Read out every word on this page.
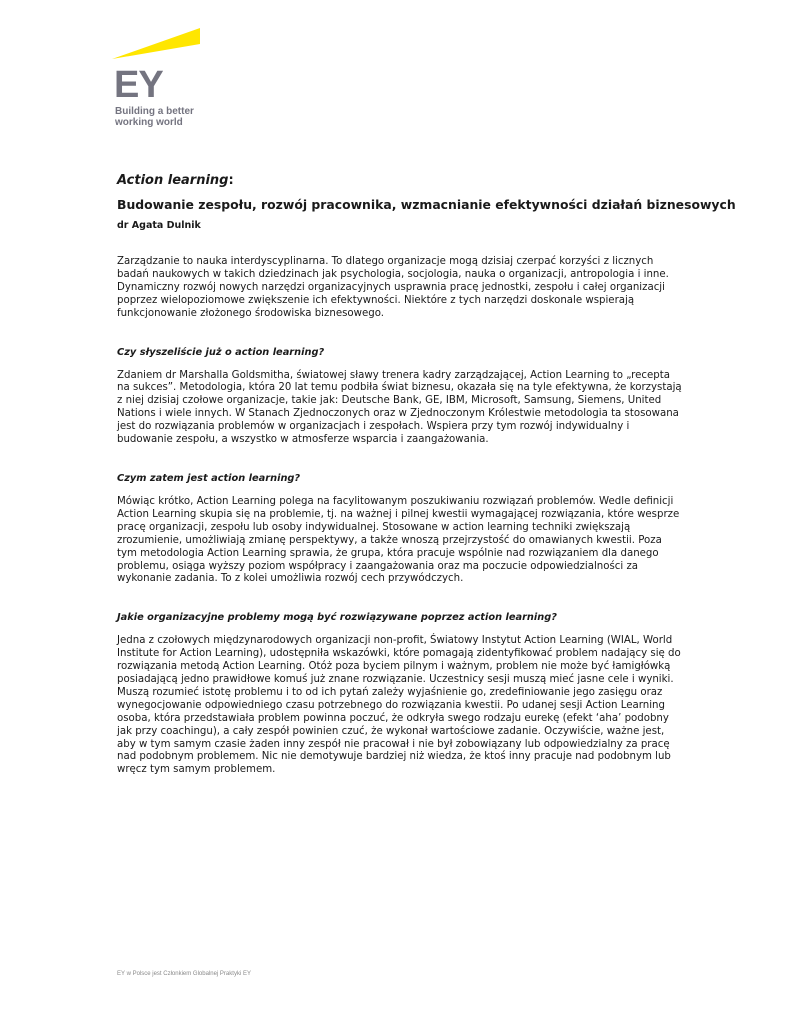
EY
Building a better
working world
Action learning:
Budowanie zespołu, rozwój pracownika, wzmacnianie efektywności działań biznesowych
dr Agata Dulnik

Zarządzanie to nauka interdyscyplinarna. To dlatego organizacje mogą dzisiaj czerpać korzyści z licznych badań naukowych w takich dziedzinach jak psychologia, socjologia, nauka o organizacji, antropologia i inne. Dynamiczny rozwój nowych narzędzi organizacyjnych usprawnia pracę jednostki, zespołu i całej organizacji poprzez wielopoziomowe zwiększenie ich efektywności. Niektóre z tych narzędzi doskonale wspierają funkcjonowanie złożonego środowiska biznesowego.

Czy słyszeliście już o action learning?

Zdaniem dr Marshalla Goldsmitha, światowej sławy trenera kadry zarządzającej, Action Learning to „recepta na sukces”. Metodologia, która 20 lat temu podbiła świat biznesu, okazała się na tyle efektywna, że korzystają z niej dzisiaj czołowe organizacje, takie jak: Deutsche Bank, GE, IBM, Microsoft, Samsung, Siemens, United Nations i wiele innych. W Stanach Zjednoczonych oraz w Zjednoczonym Królestwie metodologia ta stosowana jest do rozwiązania problemów w organizacjach i zespołach. Wspiera przy tym rozwój indywidualny i budowanie zespołu, a wszystko w atmosferze wsparcia i zaangażowania.

Czym zatem jest action learning?

Mówiąc krótko, Action Learning polega na facylitowanym poszukiwaniu rozwiązań problemów. Wedle definicji Action Learning skupia się na problemie, tj. na ważnej i pilnej kwestii wymagającej rozwiązania, które wesprze pracę organizacji, zespołu lub osoby indywidualnej. Stosowane w action learning techniki zwiększają zrozumienie, umożliwiają zmianę perspektywy, a także wnoszą przejrzystość do omawianych kwestii. Poza tym metodologia Action Learning sprawia, że grupa, która pracuje wspólnie nad rozwiązaniem dla danego problemu, osiąga wyższy poziom współpracy i zaangażowania oraz ma poczucie odpowiedzialności za wykonanie zadania. To z kolei umożliwia rozwój cech przywódczych.

Jakie organizacyjne problemy mogą być rozwiązywane poprzez action learning?

Jedna z czołowych międzynarodowych organizacji non-profit, Światowy Instytut Action Learning (WIAL, World Institute for Action Learning), udostępniła wskazówki, które pomagają zidentyfikować problem nadający się do rozwiązania metodą Action Learning. Otóż poza byciem pilnym i ważnym, problem nie może być łamigłówką posiadającą jedno prawidłowe komuś już znane rozwiązanie. Uczestnicy sesji muszą mieć jasne cele i wyniki. Muszą rozumieć istotę problemu i to od ich pytań zależy wyjaśnienie go, zredefiniowanie jego zasięgu oraz wynegocjowanie odpowiedniego czasu potrzebnego do rozwiązania kwestii. Po udanej sesji Action Learning osoba, która przedstawiała problem powinna poczuć, że odkryła swego rodzaju eurekę (efekt ‘aha’ podobny jak przy coachingu), a cały zespół powinien czuć, że wykonał wartościowe zadanie. Oczywiście, ważne jest, aby w tym samym czasie żaden inny zespół nie pracował i nie był zobowiązany lub odpowiedzialny za pracę nad podobnym problemem. Nic nie demotywuje bardziej niż wiedza, że ktoś inny pracuje nad podobnym lub wręcz tym samym problemem.

EY w Polsce jest Członkiem Globalnej Praktyki EY
